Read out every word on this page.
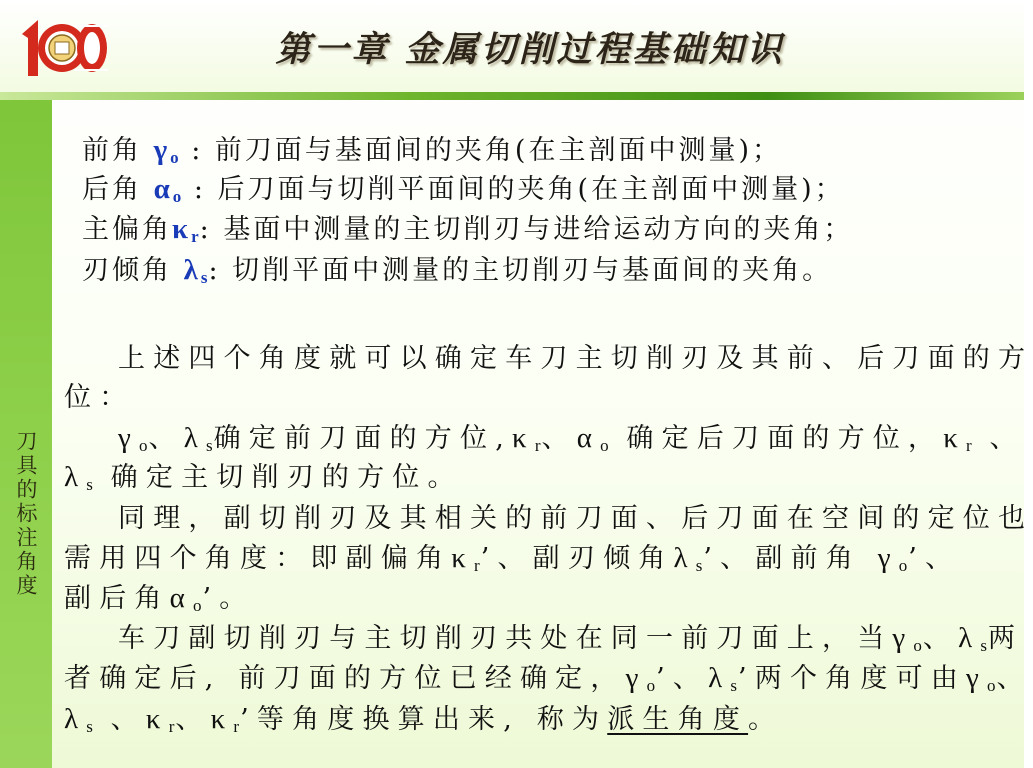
第一章 金属切削过程基础知识
刀具的标注角度
前角 $\gamma_o$ : 前刀面与基面间的夹角(在主剖面中测量)；
后角 $\alpha_o$ : 后刀面与切削平面间的夹角(在主剖面中测量)；
主偏角$\kappa_r$: 基面中测量的主切削刃与进给运动方向的夹角；
刃倾角 $\lambda_s$: 切削平面中测量的主切削刃与基面间的夹角。
上述四个角度就可以确定车刀主切削刃及其前、后刀面的方
位：
$\gamma_o$、$\lambda_s$确定前刀面的方位$,\kappa_r$、$\alpha_o$ 确定后刀面的方位，$\kappa_r$ 、
$\lambda_s$ 确定主切削刃的方位。
同理，副切削刃及其相关的前刀面、后刀面在空间的定位也
需用四个角度：即副偏角$\kappa_r$’、副刃倾角$\lambda_s$’、副前角 $\gamma_o$’、
副后角$\alpha_o$’。
车刀副切削刃与主切削刃共处在同一前刀面上，当$\gamma_o$、$\lambda_s$两
者确定后, 前刀面的方位已经确定，$\gamma_o$’、$\lambda_s$’两个角度可由$\gamma_o$、
$\lambda_s$ 、$\kappa_r$、$\kappa_r$’等角度换算出来, 称为派生角度。
